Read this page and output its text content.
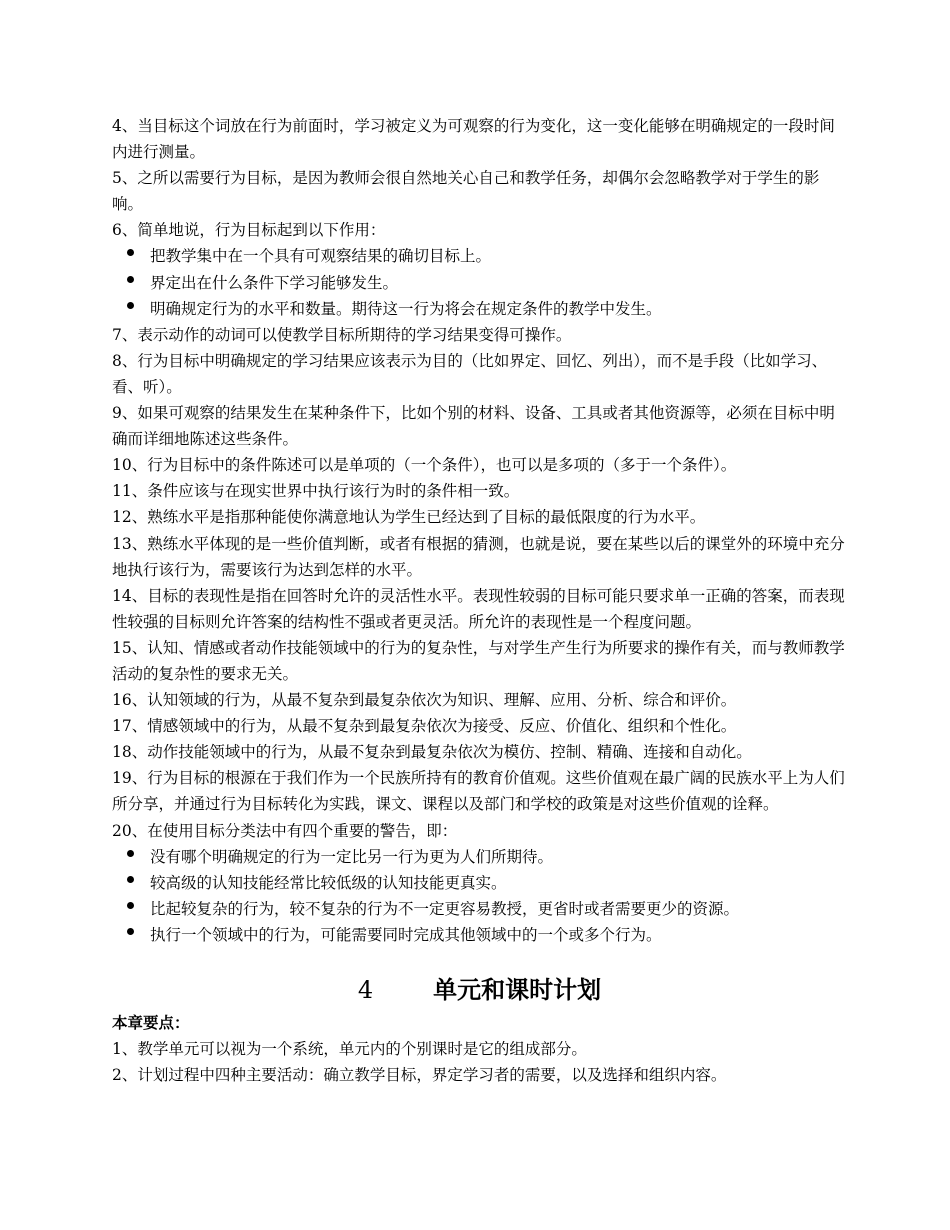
4、当目标这个词放在行为前面时，学习被定义为可观察的行为变化，这一变化能够在明确规定的一段时间内进行测量。

5、之所以需要行为目标，是因为教师会很自然地关心自己和教学任务，却偶尔会忽略教学对于学生的影响。

6、简单地说，行为目标起到以下作用：

把教学集中在一个具有可观察结果的确切目标上。
界定出在什么条件下学习能够发生。
明确规定行为的水平和数量。期待这一行为将会在规定条件的教学中发生。

7、表示动作的动词可以使教学目标所期待的学习结果变得可操作。

8、行为目标中明确规定的学习结果应该表示为目的（比如界定、回忆、列出），而不是手段（比如学习、看、听）。

9、如果可观察的结果发生在某种条件下，比如个别的材料、设备、工具或者其他资源等，必须在目标中明确而详细地陈述这些条件。

10、行为目标中的条件陈述可以是单项的（一个条件），也可以是多项的（多于一个条件）。

11、条件应该与在现实世界中执行该行为时的条件相一致。

12、熟练水平是指那种能使你满意地认为学生已经达到了目标的最低限度的行为水平。

13、熟练水平体现的是一些价值判断，或者有根据的猜测，也就是说，要在某些以后的课堂外的环境中充分地执行该行为，需要该行为达到怎样的水平。

14、目标的表现性是指在回答时允许的灵活性水平。表现性较弱的目标可能只要求单一正确的答案，而表现性较强的目标则允许答案的结构性不强或者更灵活。所允许的表现性是一个程度问题。

15、认知、情感或者动作技能领域中的行为的复杂性，与对学生产生行为所要求的操作有关，而与教师教学活动的复杂性的要求无关。

16、认知领域的行为，从最不复杂到最复杂依次为知识、理解、应用、分析、综合和评价。

17、情感领域中的行为，从最不复杂到最复杂依次为接受、反应、价值化、组织和个性化。

18、动作技能领域中的行为，从最不复杂到最复杂依次为模仿、控制、精确、连接和自动化。

19、行为目标的根源在于我们作为一个民族所持有的教育价值观。这些价值观在最广阔的民族水平上为人们所分享，并通过行为目标转化为实践，课文、课程以及部门和学校的政策是对这些价值观的诠释。

20、在使用目标分类法中有四个重要的警告，即：

没有哪个明确规定的行为一定比另一行为更为人们所期待。
较高级的认知技能经常比较低级的认知技能更真实。
比起较复杂的行为，较不复杂的行为不一定更容易教授，更省时或者需要更少的资源。
执行一个领域中的行为，可能需要同时完成其他领域中的一个或多个行为。
4	单元和课时计划

本章要点：

1、教学单元可以视为一个系统，单元内的个别课时是它的组成部分。

2、计划过程中四种主要活动：确立教学目标，界定学习者的需要，以及选择和组织内容。
